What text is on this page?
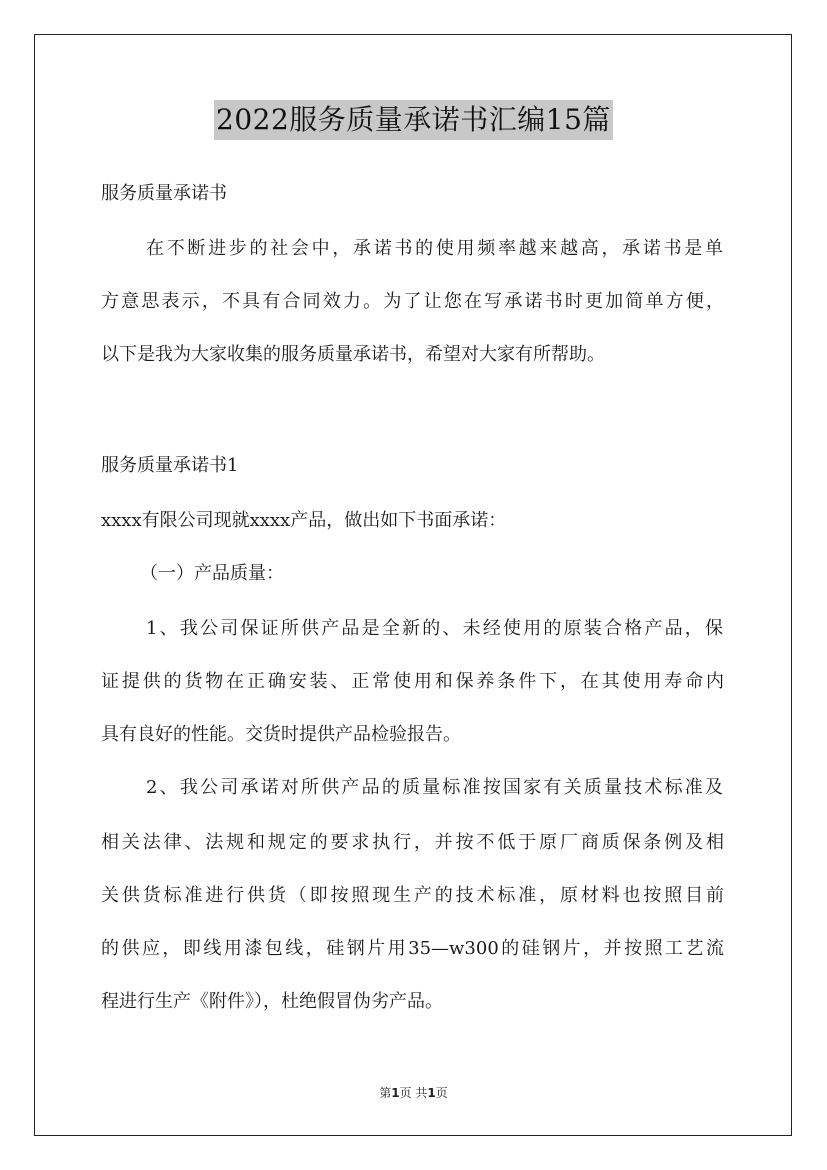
2022服务质量承诺书汇编15篇
服务质量承诺书
在不断进步的社会中，承诺书的使用频率越来越高，承诺书是单
方意思表示，不具有合同效力。为了让您在写承诺书时更加简单方便，
以下是我为大家收集的服务质量承诺书，希望对大家有所帮助。
服务质量承诺书1
xxxx有限公司现就xxxx产品，做出如下书面承诺：
（一）产品质量：
1、我公司保证所供产品是全新的、未经使用的原装合格产品，保
证提供的货物在正确安装、正常使用和保养条件下，在其使用寿命内
具有良好的性能。交货时提供产品检验报告。
2、我公司承诺对所供产品的质量标准按国家有关质量技术标准及
相关法律、法规和规定的要求执行，并按不低于原厂商质保条例及相
关供货标准进行供货（即按照现生产的技术标准，原材料也按照目前
的供应，即线用漆包线，硅钢片用35—w300的硅钢片，并按照工艺流
程进行生产《附件》），杜绝假冒伪劣产品。
第1页 共1页
